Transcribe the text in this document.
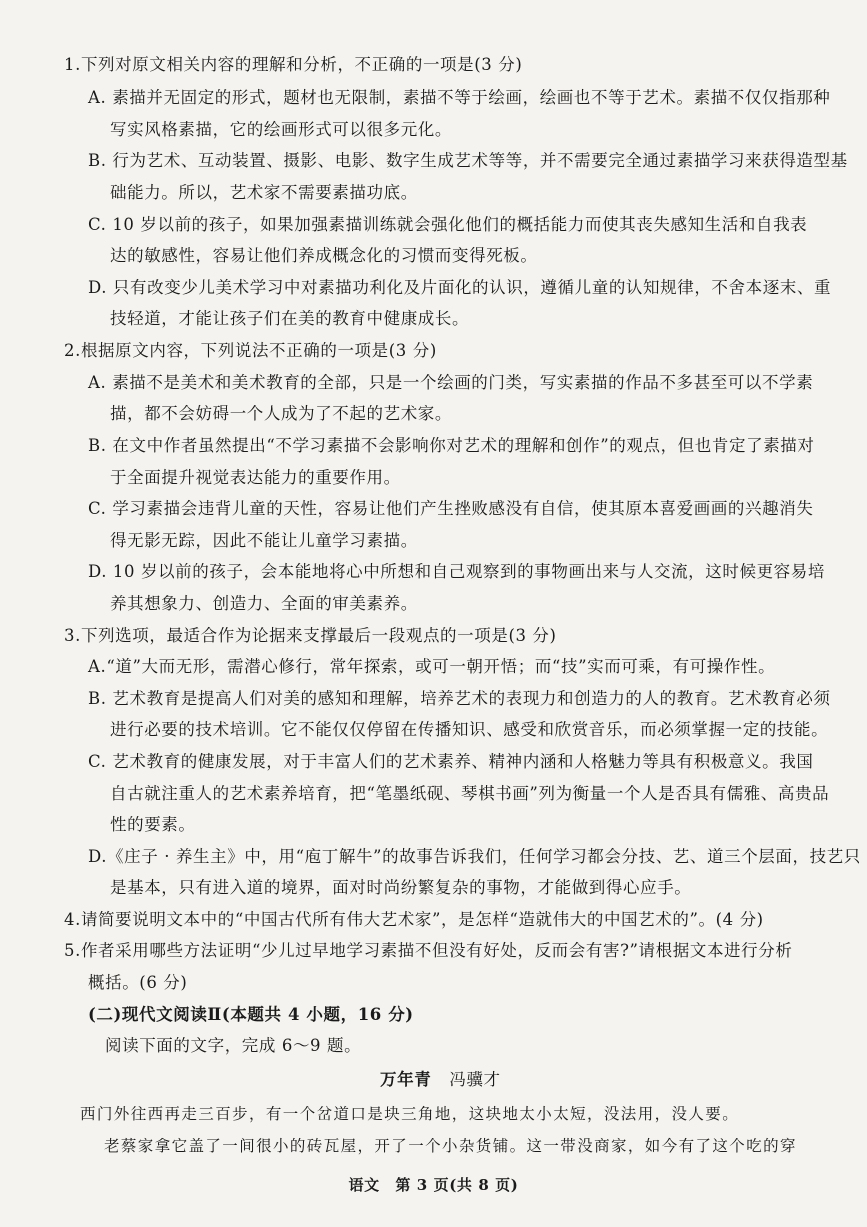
1.下列对原文相关内容的理解和分析，不正确的一项是(3 分)
A. 素描并无固定的形式，题材也无限制，素描不等于绘画，绘画也不等于艺术。素描不仅仅指那种
写实风格素描，它的绘画形式可以很多元化。
B. 行为艺术、互动装置、摄影、电影、数字生成艺术等等，并不需要完全通过素描学习来获得造型基
础能力。所以，艺术家不需要素描功底。
C. 10 岁以前的孩子，如果加强素描训练就会强化他们的概括能力而使其丧失感知生活和自我表
达的敏感性，容易让他们养成概念化的习惯而变得死板。
D. 只有改变少儿美术学习中对素描功利化及片面化的认识，遵循儿童的认知规律，不舍本逐末、重
技轻道，才能让孩子们在美的教育中健康成长。
2.根据原文内容，下列说法不正确的一项是(3 分)
A. 素描不是美术和美术教育的全部，只是一个绘画的门类，写实素描的作品不多甚至可以不学素
描，都不会妨碍一个人成为了不起的艺术家。
B. 在文中作者虽然提出“不学习素描不会影响你对艺术的理解和创作”的观点，但也肯定了素描对
于全面提升视觉表达能力的重要作用。
C. 学习素描会违背儿童的天性，容易让他们产生挫败感没有自信，使其原本喜爱画画的兴趣消失
得无影无踪，因此不能让儿童学习素描。
D. 10 岁以前的孩子，会本能地将心中所想和自己观察到的事物画出来与人交流，这时候更容易培
养其想象力、创造力、全面的审美素养。
3.下列选项，最适合作为论据来支撑最后一段观点的一项是(3 分)
A.“道”大而无形，需潜心修行，常年探索，或可一朝开悟；而“技”实而可乘，有可操作性。
B. 艺术教育是提高人们对美的感知和理解，培养艺术的表现力和创造力的人的教育。艺术教育必须
进行必要的技术培训。它不能仅仅停留在传播知识、感受和欣赏音乐，而必须掌握一定的技能。
C. 艺术教育的健康发展，对于丰富人们的艺术素养、精神内涵和人格魅力等具有积极意义。我国
自古就注重人的艺术素养培育，把“笔墨纸砚、琴棋书画”列为衡量一个人是否具有儒雅、高贵品
性的要素。
D.《庄子 · 养生主》中，用“庖丁解牛”的故事告诉我们，任何学习都会分技、艺、道三个层面，技艺只
是基本，只有进入道的境界，面对时尚纷繁复杂的事物，才能做到得心应手。
4.请简要说明文本中的“中国古代所有伟大艺术家”，是怎样“造就伟大的中国艺术的”。(4 分)
5.作者采用哪些方法证明“少儿过早地学习素描不但没有好处，反而会有害?”请根据文本进行分析
概括。(6 分)
(二)现代文阅读Ⅱ(本题共 4 小题，16 分)
阅读下面的文字，完成 6～9 题。
万年青 冯骥才
西门外往西再走三百步，有一个岔道口是块三角地，这块地太小太短，没法用，没人要。
老蔡家拿它盖了一间很小的砖瓦屋，开了一个小杂货铺。这一带没商家，如今有了这个吃的穿
语文　第 3 页(共 8 页)
